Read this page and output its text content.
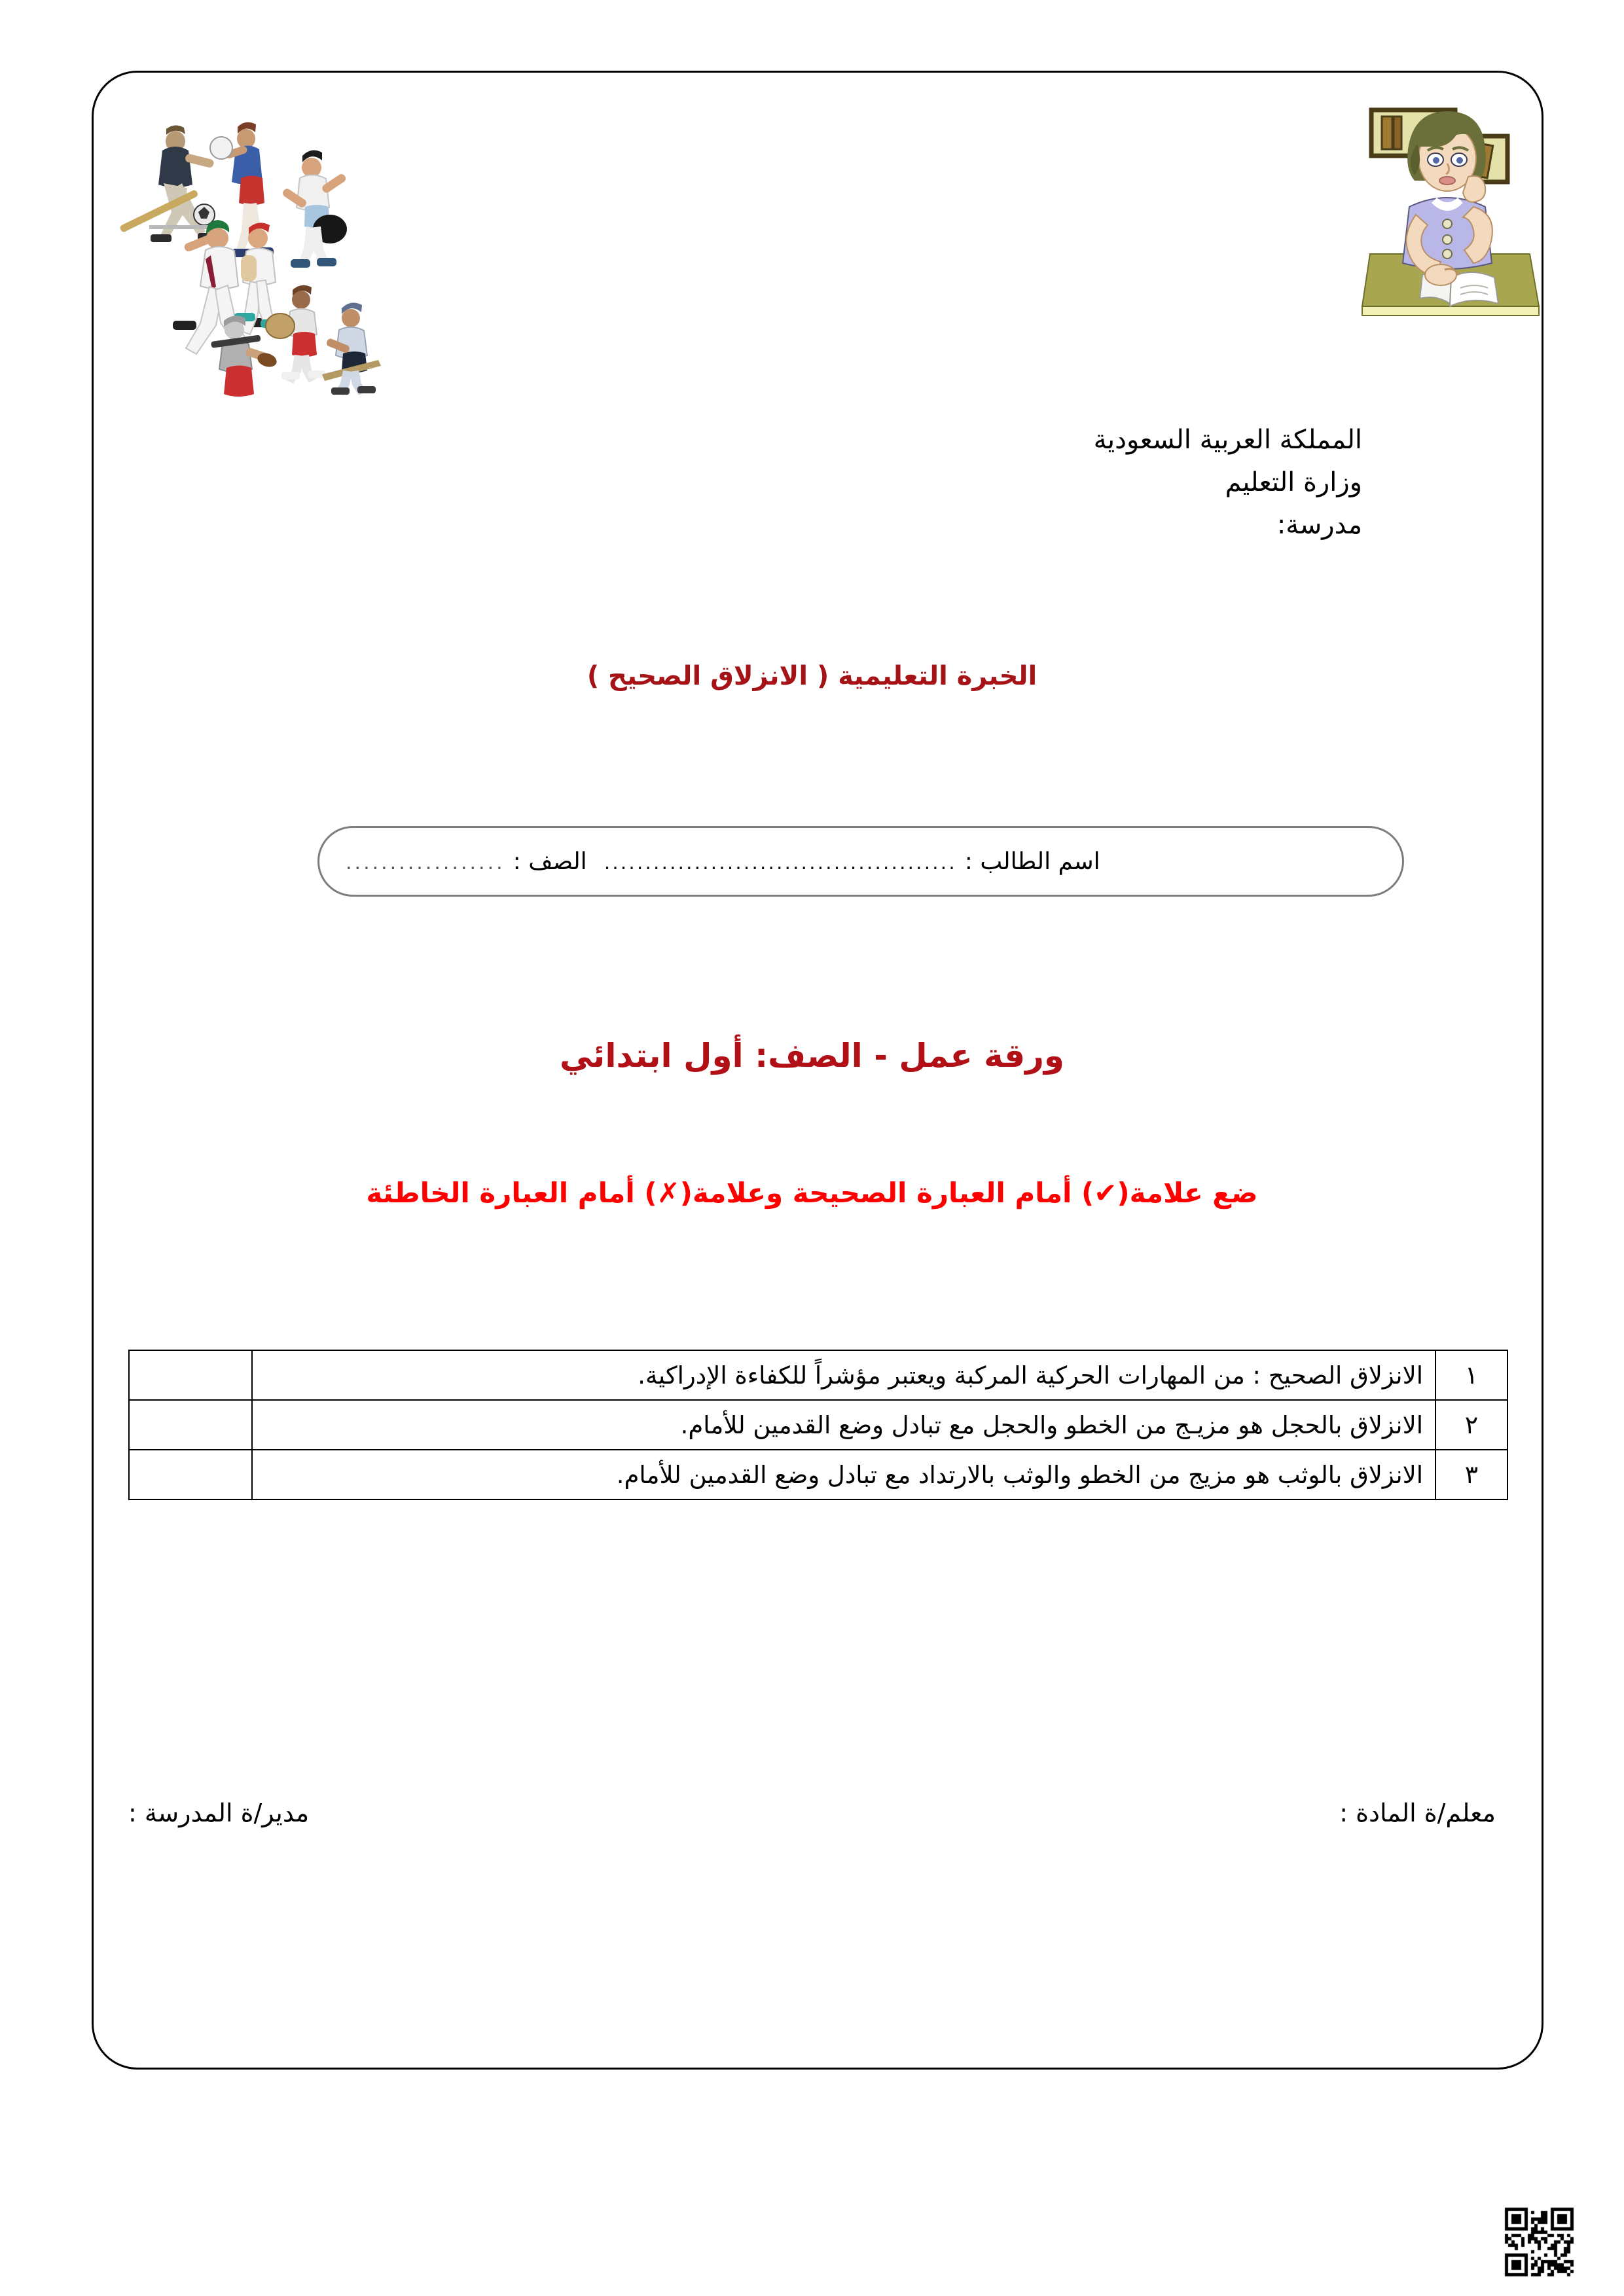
المملكة العربية السعودية
وزارة التعليم
مدرسة:
الخبرة التعليمية ( الانزلاق الصحيح )
اسم الطالب :
...........................................
الصف :
..................
ورقة عمل - الصف: أول ابتدائي
ضع علامة(✔) أمام العبارة الصحيحة وعلامة(✗) أمام العبارة الخاطئة
١	الانزلاق الصحيح : من المهارات الحركية المركبة ويعتبر مؤشراً للكفاءة الإدراكية.	
٢	الانزلاق بالحجل هو مزيـج من الخطو والحجل مع تبادل وضع القدمين للأمام.	
٣	الانزلاق بالوثب هو مزيج من الخطو والوثب بالارتداد مع تبادل وضع القدمين للأمام.	
معلم/ة المادة :
مدير/ة المدرسة :
